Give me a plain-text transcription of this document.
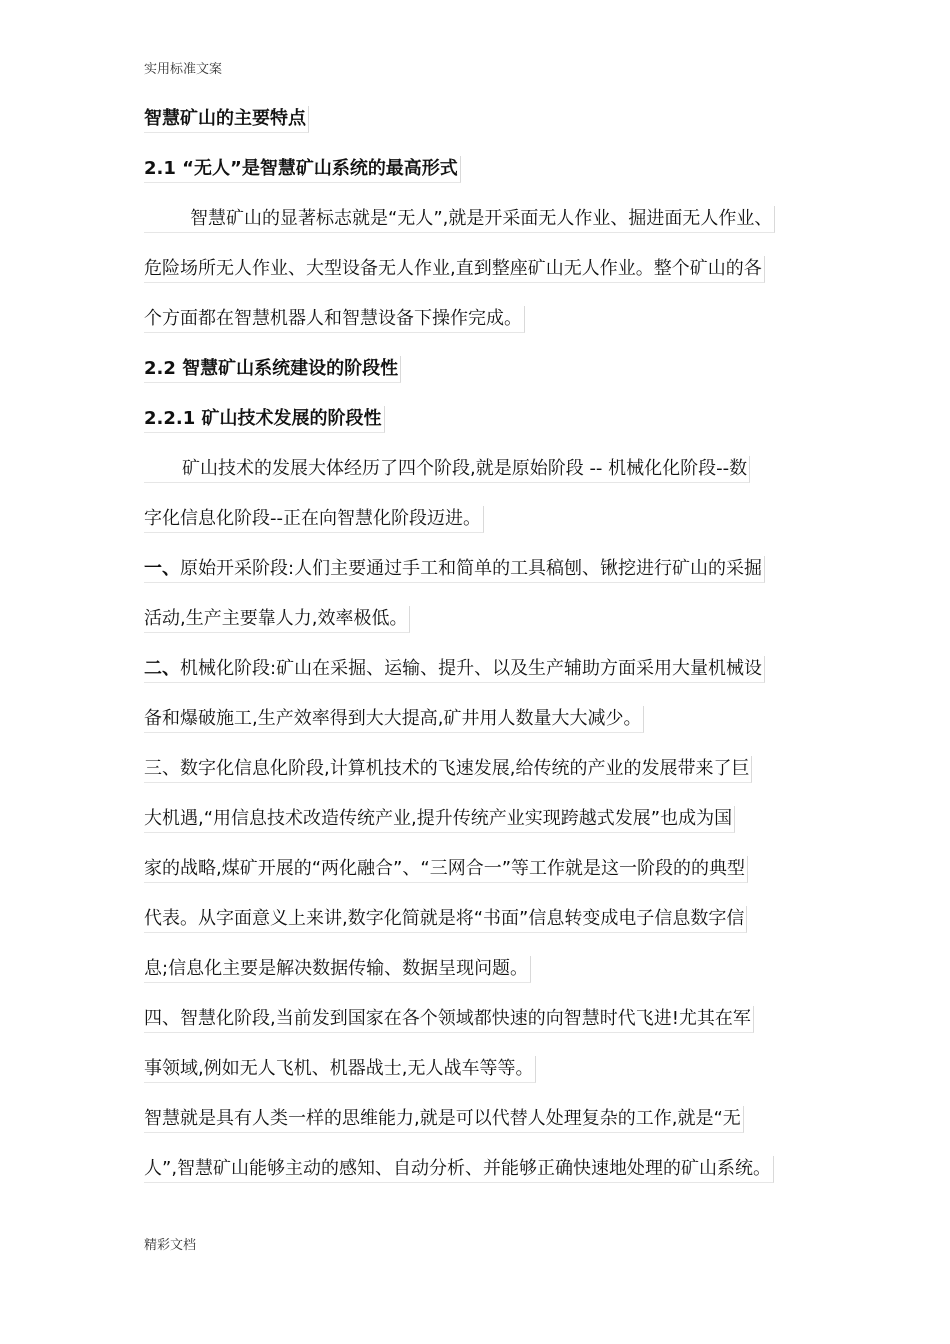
实用标准文案
智慧矿山的主要特点
2.1 “无人”是智慧矿山系统的最高形式
智慧矿山的显著标志就是“无人”,就是开采面无人作业、掘进面无人作业、
危险场所无人作业、大型设备无人作业,直到整座矿山无人作业。整个矿山的各
个方面都在智慧机器人和智慧设备下操作完成。
2.2 智慧矿山系统建设的阶段性
2.2.1 矿山技术发展的阶段性
矿山技术的发展大体经历了四个阶段,就是原始阶段 -- 机械化化阶段--数
字化信息化阶段--正在向智慧化阶段迈进。
一、原始开采阶段:人们主要通过手工和简单的工具稿刨、锹挖进行矿山的采掘
活动,生产主要靠人力,效率极低。
二、机械化阶段:矿山在采掘、运输、提升、以及生产辅助方面采用大量机械设
备和爆破施工,生产效率得到大大提高,矿井用人数量大大减少。
三、数字化信息化阶段,计算机技术的飞速发展,给传统的产业的发展带来了巨
大机遇,“用信息技术改造传统产业,提升传统产业实现跨越式发展”也成为国
家的战略,煤矿开展的“两化融合”、“三网合一”等工作就是这一阶段的的典型
代表。从字面意义上来讲,数字化简就是将“书面”信息转变成电子信息数字信
息;信息化主要是解决数据传输、数据呈现问题。
四、智慧化阶段,当前发到国家在各个领域都快速的向智慧时代飞进!尤其在军
事领域,例如无人飞机、机器战士,无人战车等等。
智慧就是具有人类一样的思维能力,就是可以代替人处理复杂的工作,就是“无
人”,智慧矿山能够主动的感知、自动分析、并能够正确快速地处理的矿山系统。
精彩文档
